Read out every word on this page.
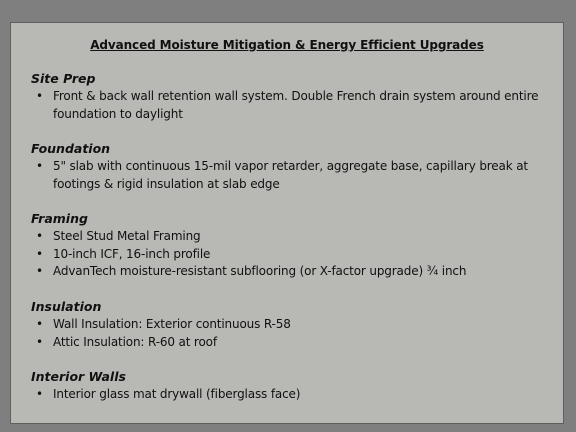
Advanced Moisture Mitigation & Energy Efficient Upgrades

Site Prep

• Front & back wall retention wall system. Double French drain system around entire foundation to daylight

Foundation

• 5" slab with continuous 15-mil vapor retarder, aggregate base, capillary break at footings & rigid insulation at slab edge

Framing

• Steel Stud Metal Framing
• 10-inch ICF, 16-inch profile
• AdvanTech moisture-resistant subflooring (or X-factor upgrade) ¾ inch

Insulation

• Wall Insulation: Exterior continuous R-58
• Attic Insulation: R-60 at roof

Interior Walls

• Interior glass mat drywall (fiberglass face)
